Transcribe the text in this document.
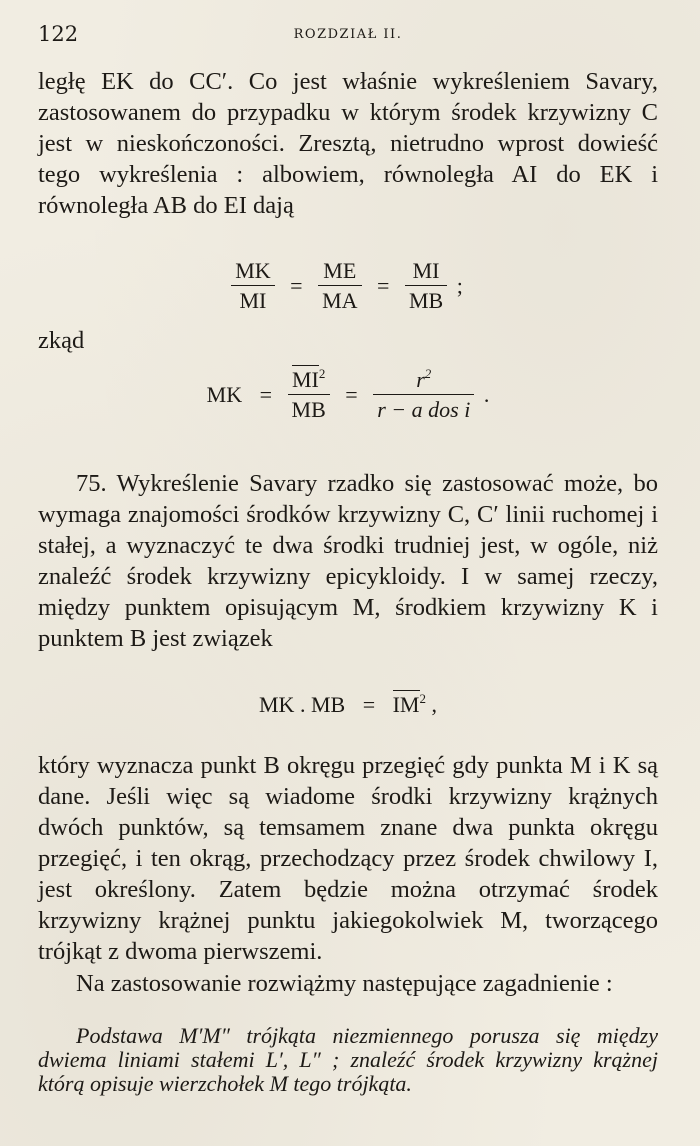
122	ROZDZIAŁ II.

ległę EK do CC′. Co jest właśnie wykreśleniem Savary, zastosowanem do przypadku w którym środek krzywizny C jest w nieskończoności. Zresztą, nietrudno wprost dowieść tego wykreślenia : albowiem, równoległa AI do EK i równoległa AB do EI dają

$\frac{MK}{MI} = \frac{ME}{MA} = \frac{MI}{MB}$ ;
zkąd
MK = $\frac{MI^2}{MB} = \frac{r^2}{\text{r − a dos i}}$ .

75. Wykreślenie Savary rzadko się zastosować może, bo wymaga znajomości środków krzywizny C, C′ linii ruchomej i stałej, a wyznaczyć te dwa środki trudniej jest, w ogóle, niż znaleźć środek krzywizny epicykloidy. I w samej rzeczy, między punktem opisującym M, środkiem krzywizny K i punktem B jest związek

MK . MB = $IM^2$ ,

który wyznacza punkt B okręgu przegięć gdy punkta M i K są dane. Jeśli więc są wiadome środki krzywizny krążnych dwóch punktów, są temsamem znane dwa punkta okręgu przegięć, i ten okrąg, przechodzący przez środek chwilowy I, jest określony. Zatem będzie można otrzymać środek krzywizny krążnej punktu jakiegokolwiek M, tworzącego trójkąt z dwoma pierwszemi.

Na zastosowanie rozwiążmy następujące zagadnienie :

Podstawa M′M″ trójkąta niezmiennego porusza się między dwiema liniami stałemi L′, L″ ; znaleźć środek krzywizny krążnej którą opisuje wierzchołek M tego trójkąta.
